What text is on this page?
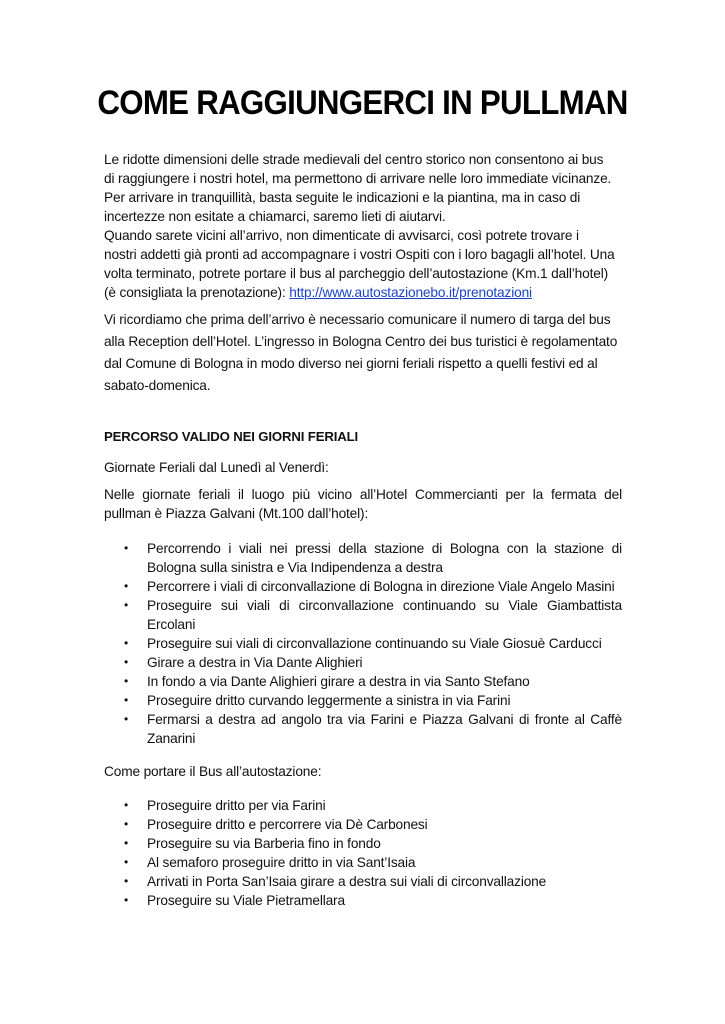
COME RAGGIUNGERCI IN PULLMAN
Le ridotte dimensioni delle strade medievali del centro storico non consentono ai bus
di raggiungere i nostri hotel, ma permettono di arrivare nelle loro immediate vicinanze.
Per arrivare in tranquillità, basta seguite le indicazioni e la piantina, ma in caso di
incertezze non esitate a chiamarci, saremo lieti di aiutarvi.
Quando sarete vicini all’arrivo, non dimenticate di avvisarci, così potrete trovare i
nostri addetti già pronti ad accompagnare i vostri Ospiti con i loro bagagli all’hotel. Una
volta terminato, potrete portare il bus al parcheggio dell’autostazione (Km.1 dall’hotel)
(è consigliata la prenotazione): http://www.autostazionebo.it/prenotazioni
Vi ricordiamo che prima dell’arrivo è necessario comunicare il numero di targa del bus
alla Reception dell’Hotel. L’ingresso in Bologna Centro dei bus turistici è regolamentato
dal Comune di Bologna in modo diverso nei giorni feriali rispetto a quelli festivi ed al
sabato-domenica.
PERCORSO VALIDO NEI GIORNI FERIALI
Giornate Feriali dal Lunedì al Venerdì:
Nelle giornate feriali il luogo più vicino all’Hotel Commercianti per la fermata del
pullman è Piazza Galvani (Mt.100 dall’hotel):
• Percorrendo i viali nei pressi della stazione di Bologna con la stazione di Bologna sulla sinistra e Via Indipendenza a destra
• Percorrere i viali di circonvallazione di Bologna in direzione Viale Angelo Masini
• Proseguire sui viali di circonvallazione continuando su Viale Giambattista Ercolani
• Proseguire sui viali di circonvallazione continuando su Viale Giosuè Carducci
• Girare a destra in Via Dante Alighieri
• In fondo a via Dante Alighieri girare a destra in via Santo Stefano
• Proseguire dritto curvando leggermente a sinistra in via Farini
• Fermarsi a destra ad angolo tra via Farini e Piazza Galvani di fronte al Caffè Zanarini
Come portare il Bus all’autostazione:
• Proseguire dritto per via Farini
• Proseguire dritto e percorrere via Dè Carbonesi
• Proseguire su via Barberia fino in fondo
• Al semaforo proseguire dritto in via Sant’Isaia
• Arrivati in Porta San’Isaia girare a destra sui viali di circonvallazione
• Proseguire su Viale Pietramellara
